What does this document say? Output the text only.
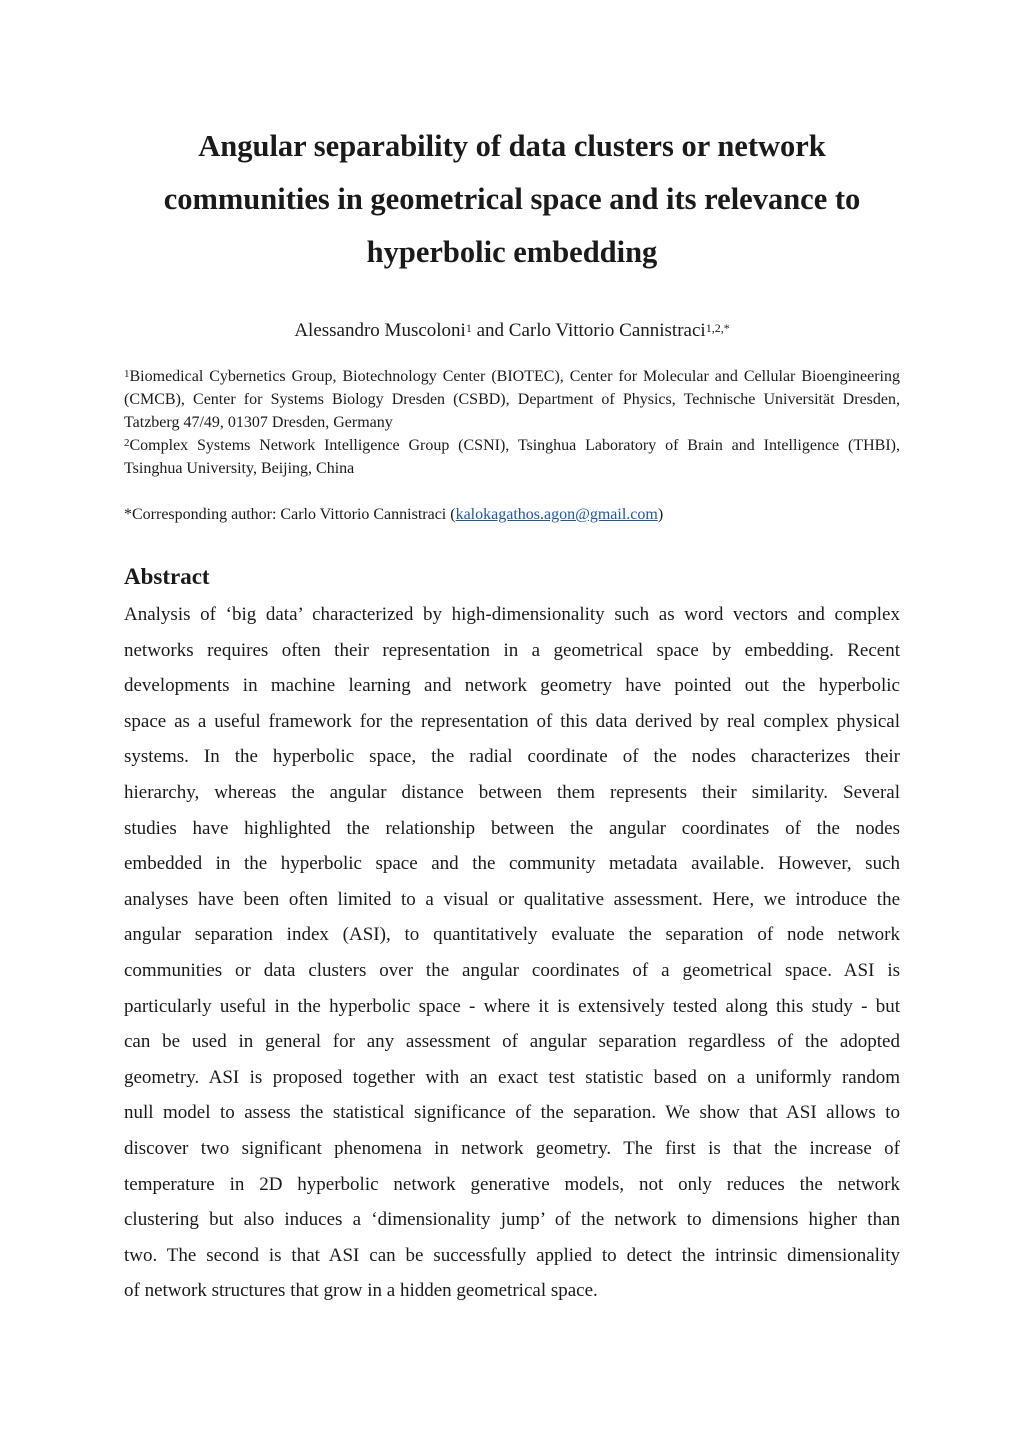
Angular separability of data clusters or network
communities in geometrical space and its relevance to
hyperbolic embedding
Alessandro Muscoloni$^1$ and Carlo Vittorio Cannistraci$^{1,2,*}$

$^1$Biomedical Cybernetics Group, Biotechnology Center (BIOTEC), Center for Molecular and Cellular Bioengineering (CMCB), Center for Systems Biology Dresden (CSBD), Department of Physics, Technische Universität Dresden, Tatzberg 47/49, 01307 Dresden, Germany

$^2$Complex Systems Network Intelligence Group (CSNI), Tsinghua Laboratory of Brain and Intelligence (THBI), Tsinghua University, Beijing, China

*Corresponding author: Carlo Vittorio Cannistraci (kalokagathos.agon@gmail.com)
Abstract
Analysis of ‘big data’ characterized by high-dimensionality such as word vectors and complex
networks requires often their representation in a geometrical space by embedding. Recent
developments in machine learning and network geometry have pointed out the hyperbolic
space as a useful framework for the representation of this data derived by real complex physical
systems. In the hyperbolic space, the radial coordinate of the nodes characterizes their
hierarchy, whereas the angular distance between them represents their similarity. Several
studies have highlighted the relationship between the angular coordinates of the nodes
embedded in the hyperbolic space and the community metadata available. However, such
analyses have been often limited to a visual or qualitative assessment. Here, we introduce the
angular separation index (ASI), to quantitatively evaluate the separation of node network
communities or data clusters over the angular coordinates of a geometrical space. ASI is
particularly useful in the hyperbolic space - where it is extensively tested along this study - but
can be used in general for any assessment of angular separation regardless of the adopted
geometry. ASI is proposed together with an exact test statistic based on a uniformly random
null model to assess the statistical significance of the separation. We show that ASI allows to
discover two significant phenomena in network geometry. The first is that the increase of
temperature in 2D hyperbolic network generative models, not only reduces the network
clustering but also induces a ‘dimensionality jump’ of the network to dimensions higher than
two. The second is that ASI can be successfully applied to detect the intrinsic dimensionality
of network structures that grow in a hidden geometrical space.
